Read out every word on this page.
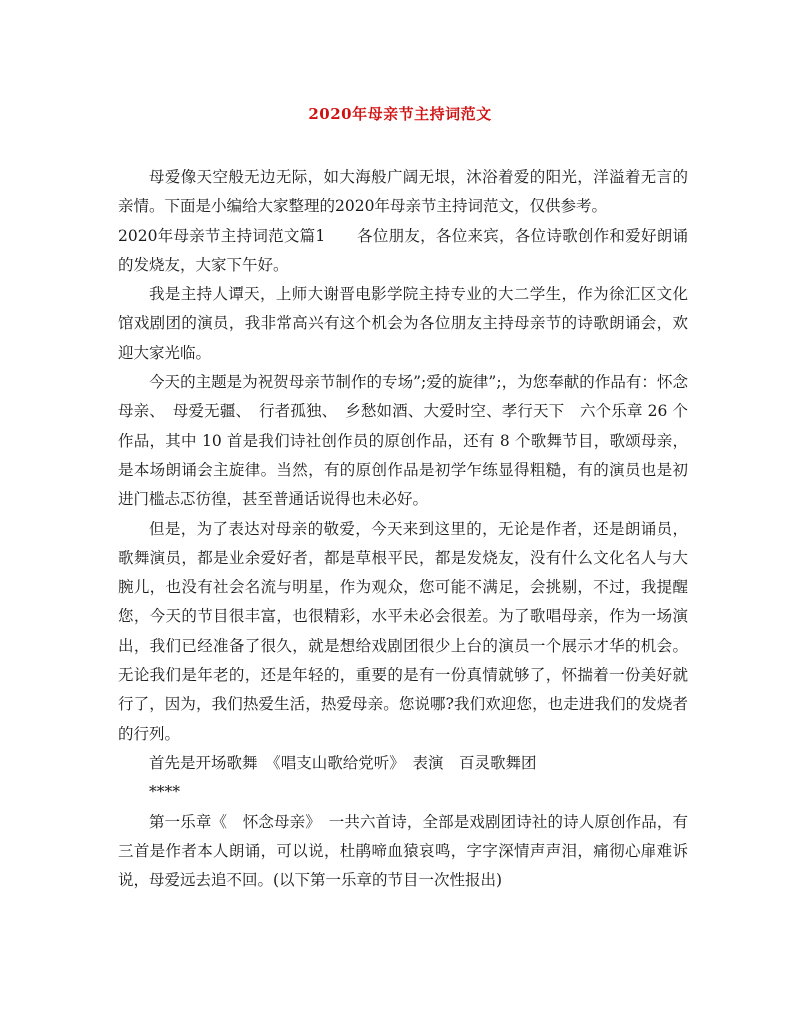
2020年母亲节主持词范文

母爱像天空般无边无际，如大海般广阔无垠，沐浴着爱的阳光，洋溢着无言的亲情。下面是小编给大家整理的2020年母亲节主持词范文，仅供参考。

2020年母亲节主持词范文篇1　　各位朋友，各位来宾，各位诗歌创作和爱好朗诵的发烧友，大家下午好。

我是主持人谭天，上师大谢晋电影学院主持专业的大二学生，作为徐汇区文化馆戏剧团的演员，我非常高兴有这个机会为各位朋友主持母亲节的诗歌朗诵会，欢迎大家光临。

今天的主题是为祝贺母亲节制作的专场”;爱的旋律”;，为您奉献的作品有：怀念母亲、　母爱无疆、　行者孤独、　乡愁如酒、大爱时空、孝行天下　六个乐章 26 个作品，其中 10 首是我们诗社创作员的原创作品，还有 8 个歌舞节目，歌颂母亲，是本场朗诵会主旋律。当然，有的原创作品是初学乍练显得粗糙，有的演员也是初进门槛忐忑彷徨，甚至普通话说得也未必好。

但是，为了表达对母亲的敬爱，今天来到这里的，无论是作者，还是朗诵员，歌舞演员，都是业余爱好者，都是草根平民，都是发烧友，没有什么文化名人与大腕儿，也没有社会名流与明星，作为观众，您可能不满足，会挑剔，不过，我提醒您，今天的节目很丰富，也很精彩，水平未必会很差。为了歌唱母亲，作为一场演出，我们已经准备了很久，就是想给戏剧团很少上台的演员一个展示才华的机会。无论我们是年老的，还是年轻的，重要的是有一份真情就够了，怀揣着一份美好就行了，因为，我们热爱生活，热爱母亲。您说哪?我们欢迎您，也走进我们的发烧者的行列。

首先是开场歌舞　《唱支山歌给党听》　表演　百灵歌舞团

****

第一乐章《　怀念母亲》　一共六首诗，全部是戏剧团诗社的诗人原创作品，有三首是作者本人朗诵，可以说，杜鹃啼血猿哀鸣，字字深情声声泪，痛彻心扉难诉说，母爱远去追不回。(以下第一乐章的节目一次性报出)
